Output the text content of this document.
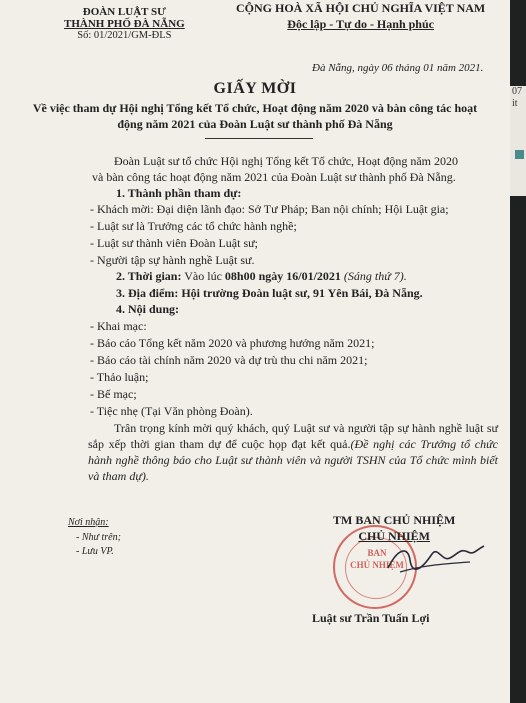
ĐOÀN LUẬT SƯ
THÀNH PHỐ ĐÀ NẴNG
Số: 01/2021/GM-ĐLS
CỘNG HOÀ XÃ HỘI CHỦ NGHĨA VIỆT NAM
Độc lập - Tự do - Hạnh phúc
Đà Nẵng, ngày 06 tháng 01 năm 2021.
GIẤY MỜI
Về việc tham dự Hội nghị Tổng kết Tổ chức, Hoạt động năm 2020 và bàn công tác hoạt động năm 2021 của Đoàn Luật sư thành phố Đà Nẵng
Đoàn Luật sư tổ chức Hội nghị Tổng kết Tổ chức, Hoạt động năm 2020
và bàn công tác hoạt động năm 2021 của Đoàn Luật sư thành phố Đà Nẵng.
1. Thành phần tham dự:
- Khách mời: Đại diện lãnh đạo: Sở Tư Pháp; Ban nội chính; Hội Luật gia;
- Luật sư là Trưởng các tổ chức hành nghề;
- Luật sư thành viên Đoàn Luật sư;
- Người tập sự hành nghề Luật sư.
2. Thời gian: Vào lúc 08h00 ngày 16/01/2021 (Sáng thứ 7).
3. Địa điểm: Hội trường Đoàn luật sư, 91 Yên Bái, Đà Nẵng.
4. Nội dung:
- Khai mạc:
- Báo cáo Tổng kết năm 2020 và phương hướng năm 2021;
- Báo cáo tài chính năm 2020 và dự trù thu chi năm 2021;
- Thảo luận;
- Bế mạc;
- Tiệc nhẹ (Tại Văn phòng Đoàn).
Trân trọng kính mời quý khách, quý Luật sư và người tập sự hành nghề luật sư sắp xếp thời gian tham dự để cuộc họp đạt kết quả.(Đề nghị các Trưởng tổ chức hành nghề thông báo cho Luật sư thành viên và người TSHN của Tổ chức mình biết và tham dự).
Nơi nhận:
- Như trên;
- Lưu VP.	BAN
CHỦ NHIỆM
TM BAN CHỦ NHIỆM
CHỦ NHIỆM
Luật sư Trần Tuấn Lợi
07
it
